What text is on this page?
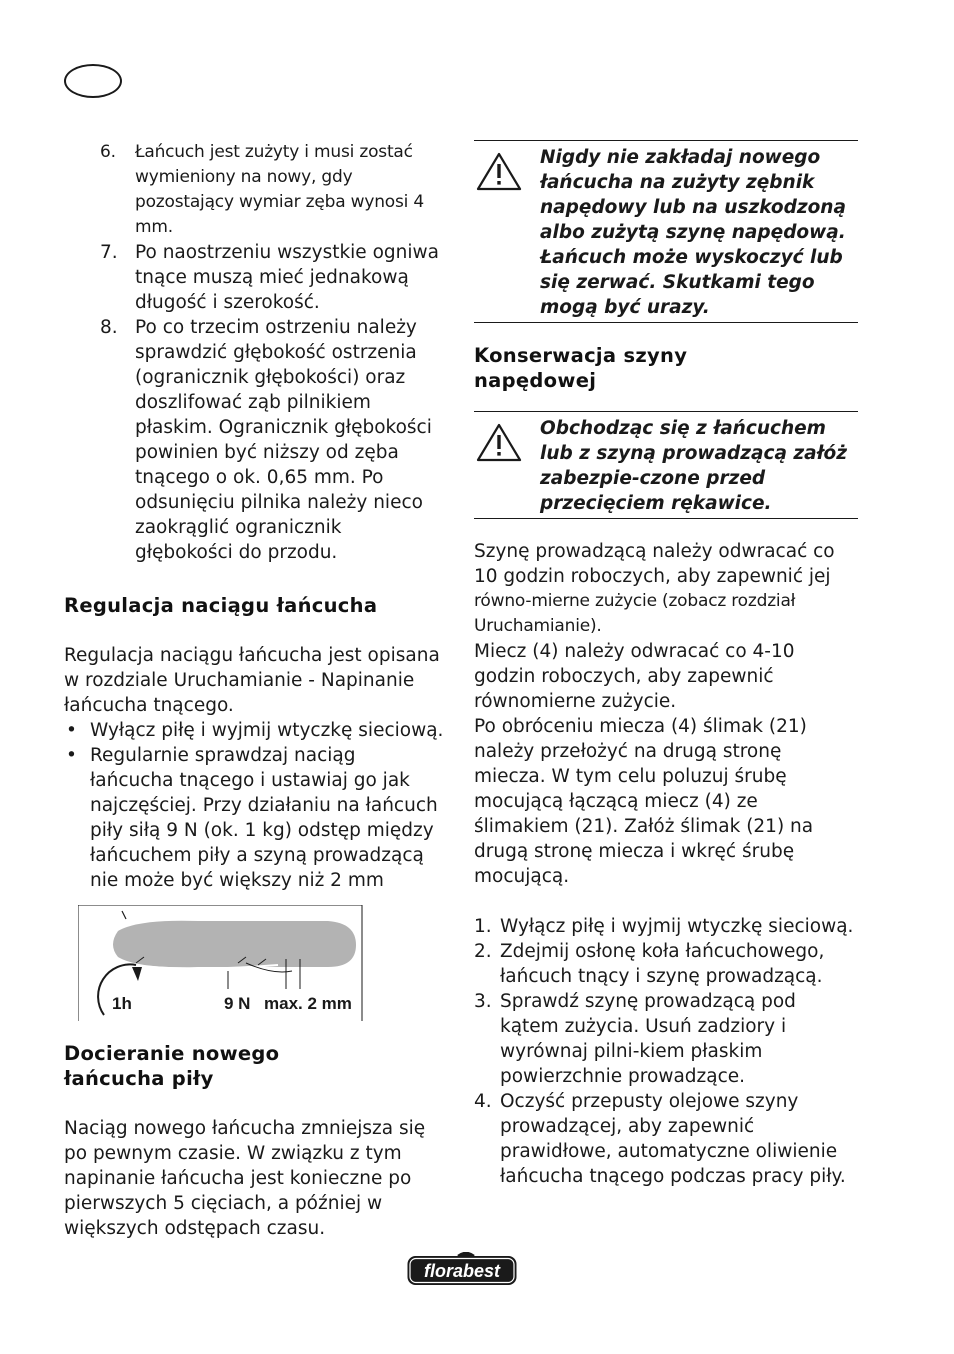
6. Łańcuch jest zużyty i musi zostać wymieniony na nowy, gdy pozostający wymiar zęba wynosi 4 mm.
7. Po naostrzeniu wszystkie ogniwa tnące muszą mieć jednakową długość i szerokość.
8. Po co trzecim ostrzeniu należy sprawdzić głębokość ostrzenia (ogranicznik głębokości) oraz doszlifować ząb pilnikiem płaskim. Ogranicznik głębokości powinien być niższy od zęba tnącego o ok. 0,65 mm. Po odsunięciu pilnika należy nieco zaokrąglić ogranicznik głębokości do przodu.
Regulacja naciągu łańcucha

Regulacja naciągu łańcucha jest opisana w rozdziale Uruchamianie - Napinanie łańcucha tnącego.

• Wyłącz piłę i wyjmij wtyczkę sieciową.
• Regularnie sprawdzaj naciąg łańcucha tnącego i ustawiaj go jak najczęściej. Przy działaniu na łańcuch piły siłą 9 N (ok. 1 kg) odstęp między łańcuchem piły a szyną prowadzącą nie może być większy niż 2 mm
1h	9 N max. 2 mm
Docieranie nowego
łańcucha piły

Naciąg nowego łańcucha zmniejsza się po pewnym czasie. W związku z tym napinanie łańcucha jest konieczne po pierwszych 5 cięciach, a później w większych odstępach czasu.

Nigdy nie zakładaj nowego łańcucha na zużyty zębnik napędowy lub na uszkodzoną albo zużytą szynę napędową. Łańcuch może wyskoczyć lub się zerwać. Skutkami tego mogą być urazy.

Konserwacja szyny
napędowej

Obchodząc się z łańcuchem lub z szyną prowadzącą załóż zabezpie-czone przed przecięciem rękawice.

Szynę prowadzącą należy odwracać co 10 godzin roboczych, aby zapewnić jej

równo-mierne zużycie (zobacz rozdział Uruchamianie).

Miecz (4) należy odwracać co 4-10 godzin roboczych, aby zapewnić równomierne zużycie.

Po obróceniu miecza (4) ślimak (21) należy przełożyć na drugą stronę miecza. W tym celu poluzuj śrubę mocującą łączącą miecz (4) ze ślimakiem (21). Załóż ślimak (21) na drugą stronę miecza i wkręć śrubę mocującą.

1. Wyłącz piłę i wyjmij wtyczkę sieciową.
2. Zdejmij osłonę koła łańcuchowego, łańcuch tnący i szynę prowadzącą.
3. Sprawdź szynę prowadzącą pod kątem zużycia. Usuń zadziory i wyrównaj pilni-kiem płaskim powierzchnie prowadzące.
4. Oczyść przepusty olejowe szyny prowadzącej, aby zapewnić prawidłowe, automatyczne oliwienie łańcucha tnącego podczas pracy piły.
florabest
